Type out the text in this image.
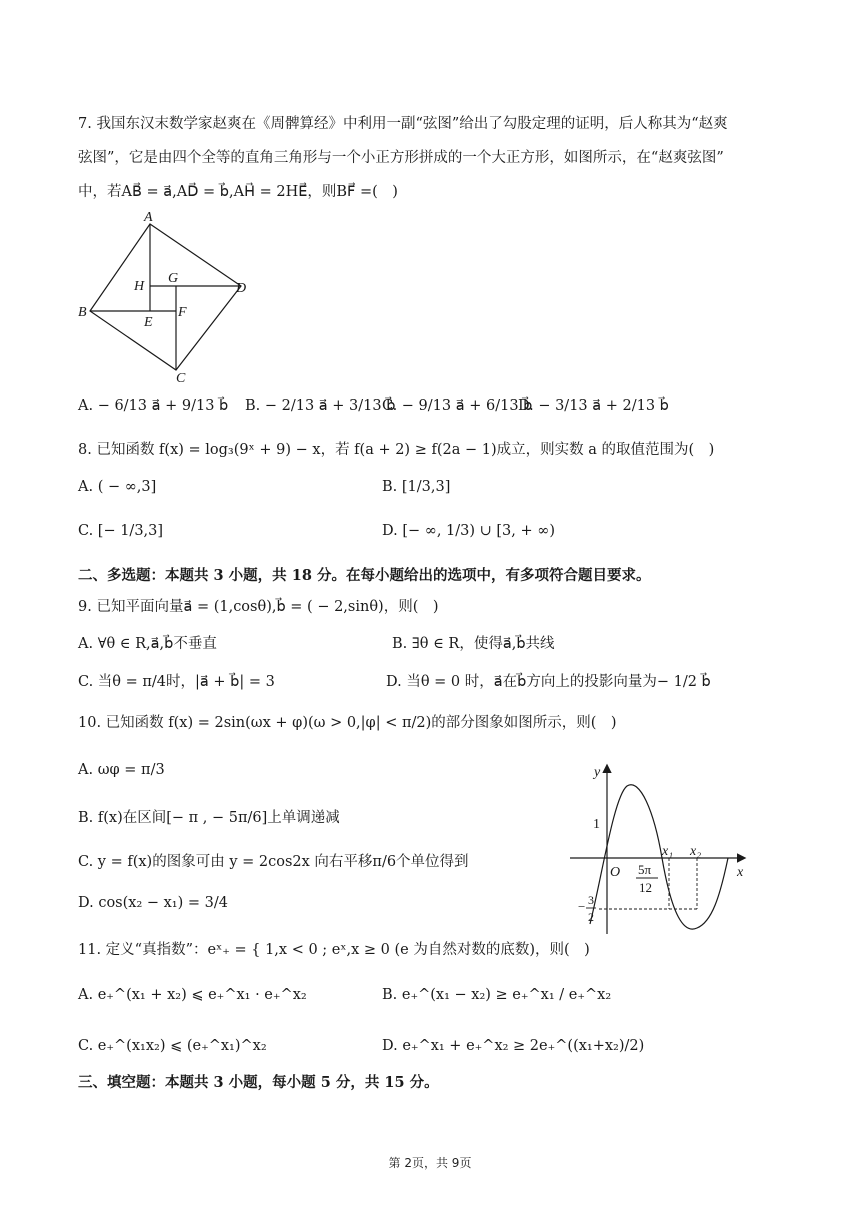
7. 我国东汉末数学家赵爽在《周髀算经》中利用一副“弦图”给出了勾股定理的证明，后人称其为“赵爽
弦图”，它是由四个全等的直角三角形与一个小正方形拼成的一个大正方形，如图所示，在“赵爽弦图”
中，若AB⃗ = a⃗,AD⃗ = b⃗,AH⃗ = 2HE⃗，则BF⃗ =(　)
A
B
C
D
H
G
E
F
A. − 6/13 a⃗ + 9/13 b⃗ B. − 2/13 a⃗ + 3/13 b⃗
C. − 9/13 a⃗ + 6/13 b⃗
D. − 3/13 a⃗ + 2/13 b⃗
8. 已知函数 f(x) = log₃(9ˣ + 9) − x，若 f(a + 2) ≥ f(2a − 1)成立，则实数 a 的取值范围为(　)
A. ( − ∞,3]	B. [1/3,3]
C. [− 1/3,3]	D. [− ∞, 1/3) ∪ [3, + ∞)
二、多选题：本题共 3 小题，共 18 分。在每小题给出的选项中，有多项符合题目要求。
9. 已知平面向量a⃗ = (1,cosθ),b⃗ = ( − 2,sinθ)，则(　)
A. ∀θ ∈ R,a⃗,b⃗不垂直	B. ∃θ ∈ R，使得a⃗,b⃗共线
C. 当θ = π/4时，|a⃗ + b⃗| = 3	D. 当θ = 0 时，a⃗在b⃗方向上的投影向量为− 1/2 b⃗
10. 已知函数 f(x) = 2sin(ωx + φ)(ω > 0,|φ| < π/2)的部分图象如图所示，则(　)
A. ωφ = π/3
B. f(x)在区间[− π , − 5π/6]上单调递减
C. y = f(x)的图象可由 y = 2cos2x 向右平移π/6个单位得到
D. cos(x₂ − x₁) = 3/4
y
x
O
1
x₁ x₂
5π
12
− 3
2
11. 定义“真指数”：eˣ₊ = { 1,x < 0 ; eˣ,x ≥ 0 (e 为自然对数的底数)，则(　)
A. e₊^(x₁ + x₂) ⩽ e₊^x₁ · e₊^x₂	B. e₊^(x₁ − x₂) ≥ e₊^x₁ / e₊^x₂
C. e₊^(x₁x₂) ⩽ (e₊^x₁)^x₂	D. e₊^x₁ + e₊^x₂ ≥ 2e₊^((x₁+x₂)/2)
三、填空题：本题共 3 小题，每小题 5 分，共 15 分。
第 2页，共 9页
